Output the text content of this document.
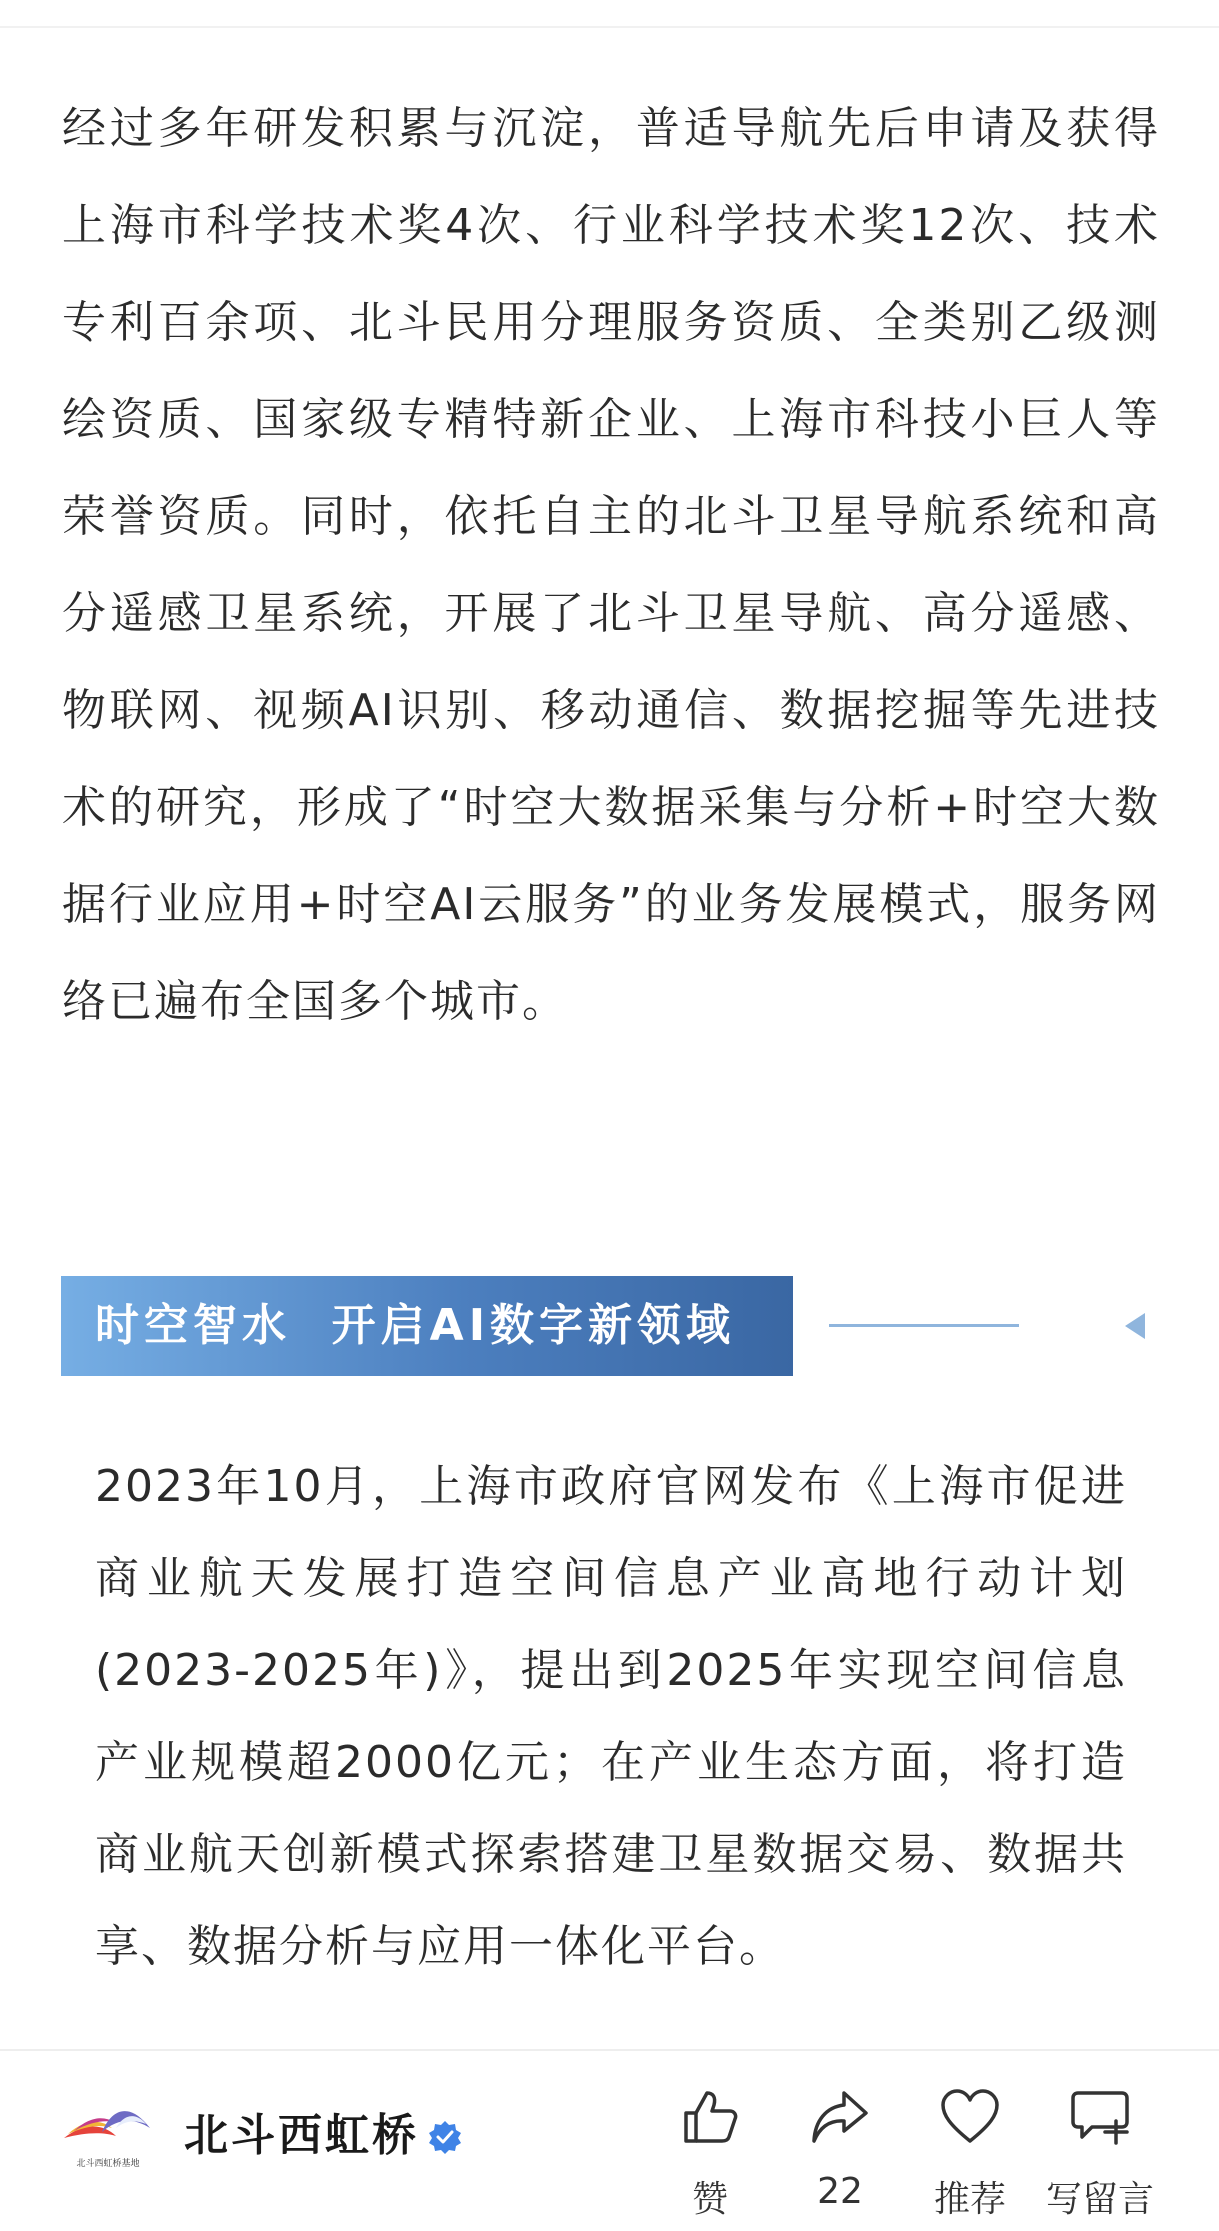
经过多年研发积累与沉淀，普适导航先后申请及获得上海市科学技术奖4次、行业科学技术奖12次、技术专利百余项、北斗民用分理服务资质、全类别乙级测绘资质、国家级专精特新企业、上海市科技小巨人等荣誉资质。同时，依托自主的北斗卫星导航系统和高分遥感卫星系统，开展了北斗卫星导航、高分遥感、物联网、视频AI识别、移动通信、数据挖掘等先进技术的研究，形成了“时空大数据采集与分析+时空大数据行业应用+时空AI云服务”的业务发展模式，服务网络已遍布全国多个城市。

时空智水  开启AI数字新领域

2023年10月，上海市政府官网发布《上海市促进商业航天发展打造空间信息产业高地行动计划(2023-2025年)》，提出到2025年实现空间信息产业规模超2000亿元；在产业生态方面，将打造商业航天创新模式探索搭建卫星数据交易、数据共享、数据分析与应用一体化平台。

北斗西虹桥基地
北斗西虹桥
赞	22	推荐	写留言
